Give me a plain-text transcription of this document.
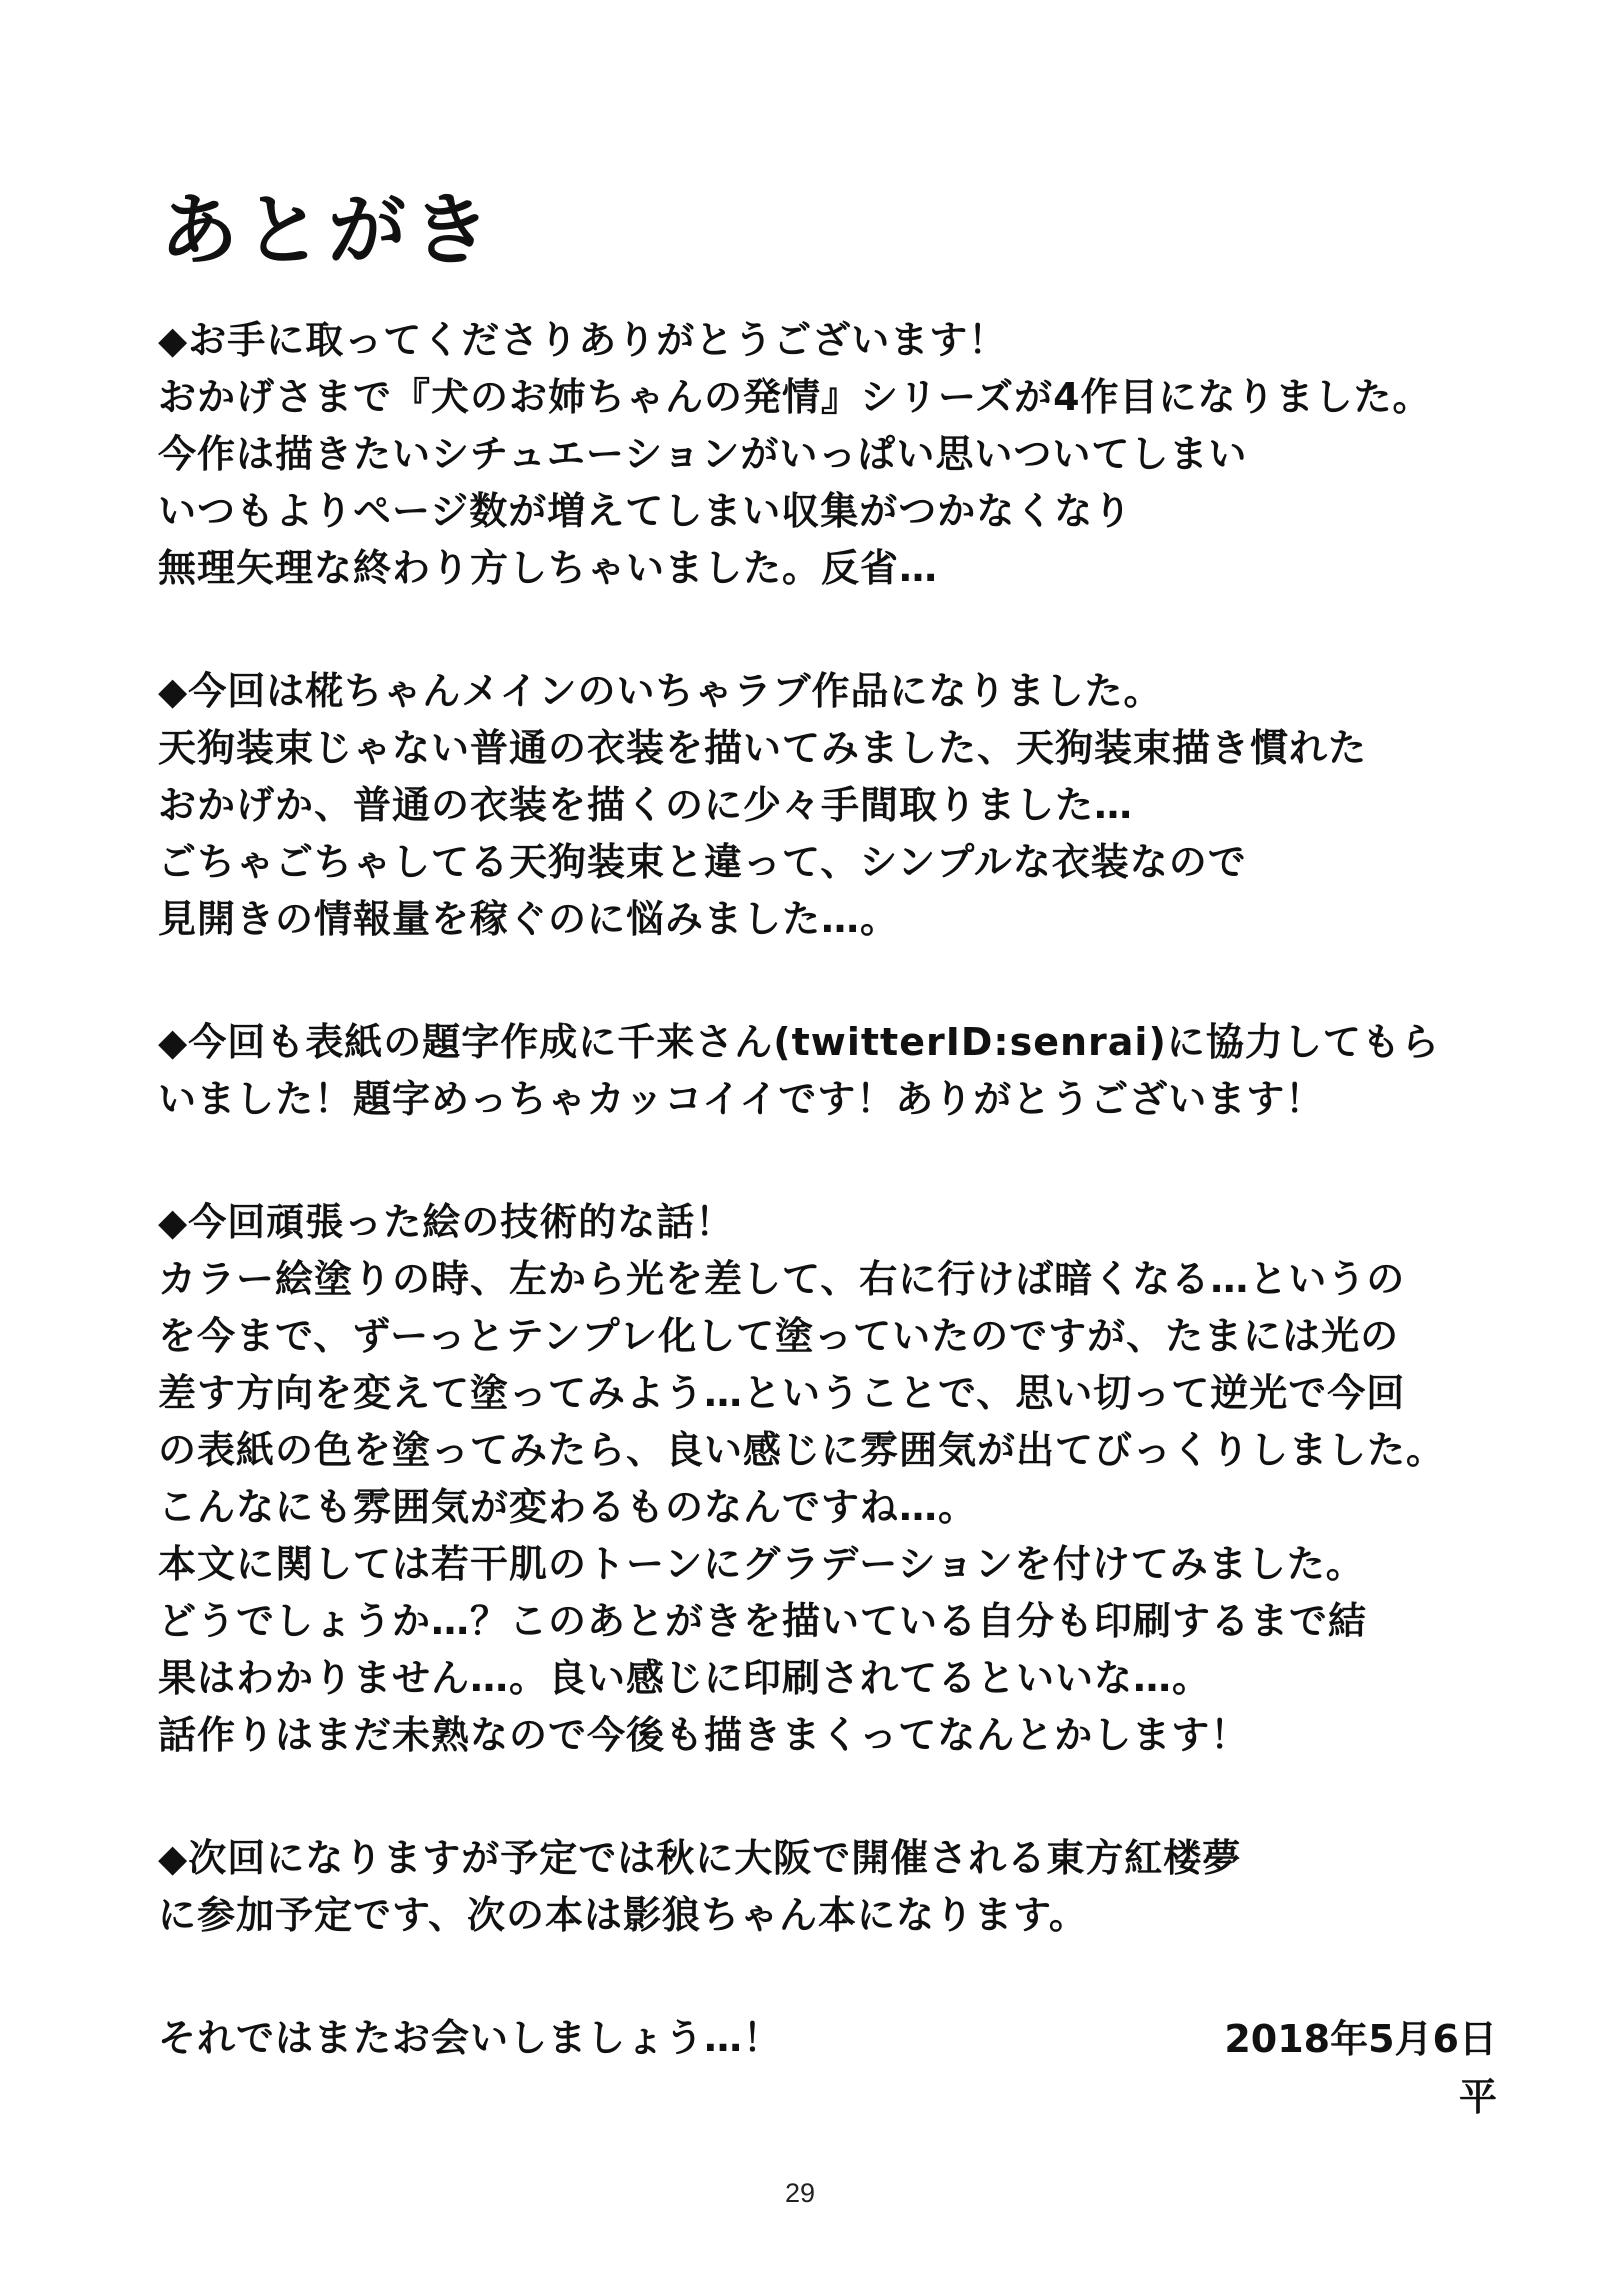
あとがき
◆お手に取ってくださりありがとうございます！
おかげさまで『犬のお姉ちゃんの発情』シリーズが4作目になりました。
今作は描きたいシチュエーションがいっぱい思いついてしまい
いつもよりページ数が増えてしまい収集がつかなくなり
無理矢理な終わり方しちゃいました。反省…
◆今回は椛ちゃんメインのいちゃラブ作品になりました。
天狗装束じゃない普通の衣装を描いてみました、天狗装束描き慣れた
おかげか、普通の衣装を描くのに少々手間取りました…
ごちゃごちゃしてる天狗装束と違って、シンプルな衣装なので
見開きの情報量を稼ぐのに悩みました…。
◆今回も表紙の題字作成に千来さん(twitterID:senrai)に協力してもら
いました！題字めっちゃカッコイイです！ありがとうございます！
◆今回頑張った絵の技術的な話！
カラー絵塗りの時、左から光を差して、右に行けば暗くなる…というの
を今まで、ずーっとテンプレ化して塗っていたのですが、たまには光の
差す方向を変えて塗ってみよう…ということで、思い切って逆光で今回
の表紙の色を塗ってみたら、良い感じに雰囲気が出てびっくりしました。
こんなにも雰囲気が変わるものなんですね…。
本文に関しては若干肌のトーンにグラデーションを付けてみました。
どうでしょうか…？このあとがきを描いている自分も印刷するまで結
果はわかりません…。良い感じに印刷されてるといいな…。
話作りはまだ未熟なので今後も描きまくってなんとかします！
◆次回になりますが予定では秋に大阪で開催される東方紅楼夢
に参加予定です、次の本は影狼ちゃん本になります。
それではまたお会いしましょう…！	2018年5月6日
平
29
